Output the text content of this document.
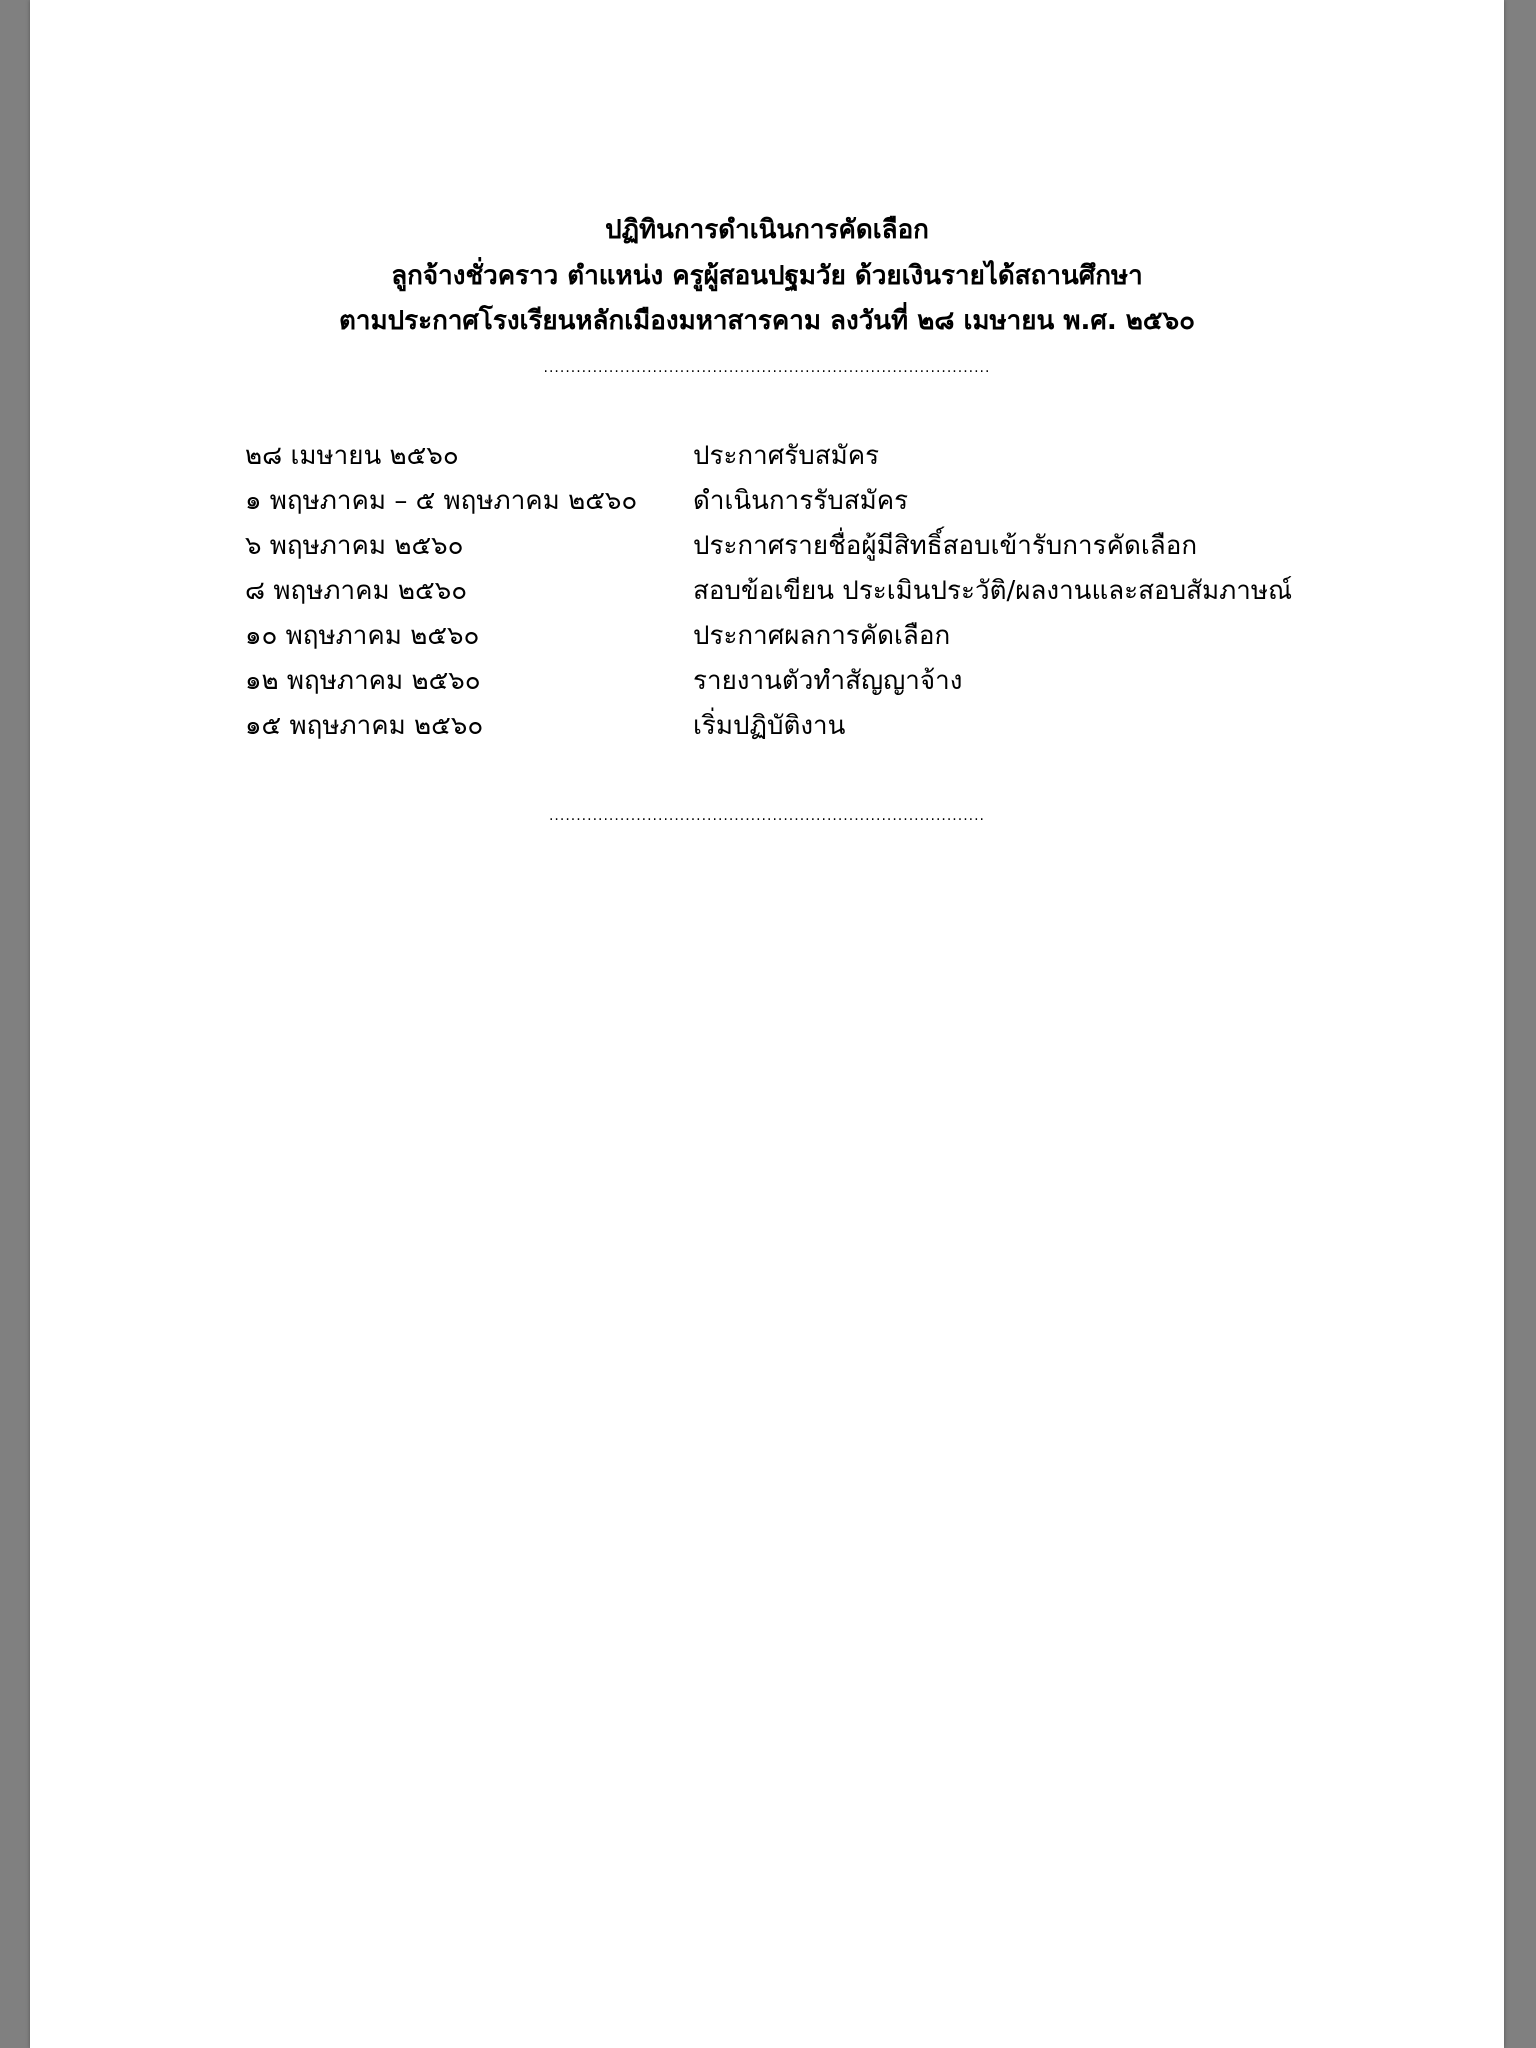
ปฏิทินการดำเนินการคัดเลือก
ลูกจ้างชั่วคราว ตำแหน่ง ครูผู้สอนปฐมวัย ด้วยเงินรายได้สถานศึกษา
ตามประกาศโรงเรียนหลักเมืองมหาสารคาม ลงวันที่ ๒๘ เมษายน พ.ศ. ๒๕๖๐
..................................................................................
๒๘ เมษายน ๒๕๖๐	ประกาศรับสมัคร
๑ พฤษภาคม – ๕ พฤษภาคม ๒๕๖๐ ดำเนินการรับสมัคร
๖ พฤษภาคม ๒๕๖๐	ประกาศรายชื่อผู้มีสิทธิ์สอบเข้ารับการคัดเลือก
๘ พฤษภาคม ๒๕๖๐	สอบข้อเขียน ประเมินประวัติ/ผลงานและสอบสัมภาษณ์
๑๐ พฤษภาคม ๒๕๖๐	ประกาศผลการคัดเลือก
๑๒ พฤษภาคม ๒๕๖๐	รายงานตัวทำสัญญาจ้าง
๑๕ พฤษภาคม ๒๕๖๐	เริ่มปฏิบัติงาน
................................................................................
